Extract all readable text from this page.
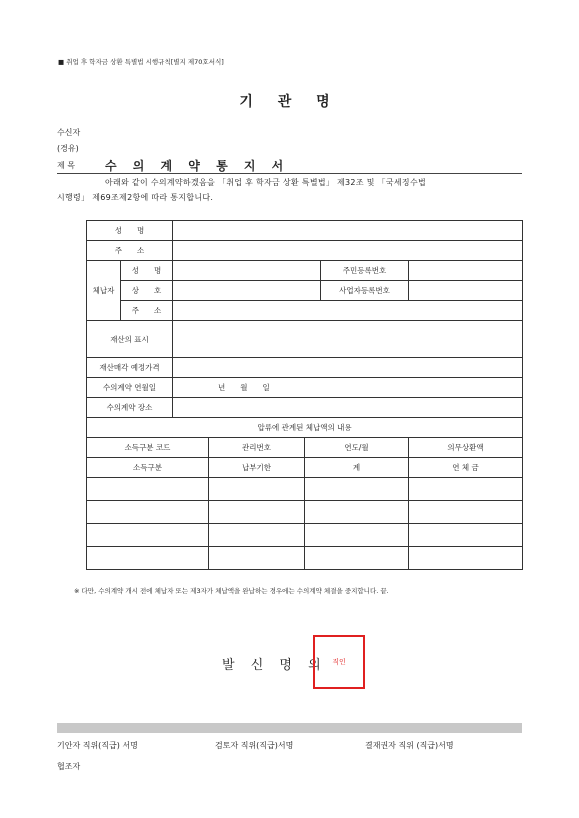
■ 취업 후 학자금 상환 특별법 시행규칙[별지 제70호서식]
기 관 명
수신자
(경유)
제 목	수 의 계 약 통 지 서
아래와 같이 수의계약하겠음을 「취업 후 학자금 상환 특별법」 제32조 및 「국세징수법
시행령」 제69조제2항에 따라 통지합니다.
성　　명						
주　　소						
체납자	성　　명				주민등록번호	
	상　　호				사업자등록번호	
	주　　소					
재산의 표시						
재산매각 예정가격						
수의계약 연월일		년　　월　　일				
수의계약 장소						
압류에 관계된 체납액의 내용						
소득구분 코드			관리번호	연도/월		의무상환액
소득구분			납부기한	계		연 체 금

※ 다만, 수의계약 개시 전에 체납자 또는 제3자가 체납액을 완납하는 경우에는 수의계약 체결을 중지합니다. 끝.
발 신 명 의 직인
기안자 직위(직급) 서명	검토자 직위(직급)서명	결재권자 직위 (직급)서명
협조자
